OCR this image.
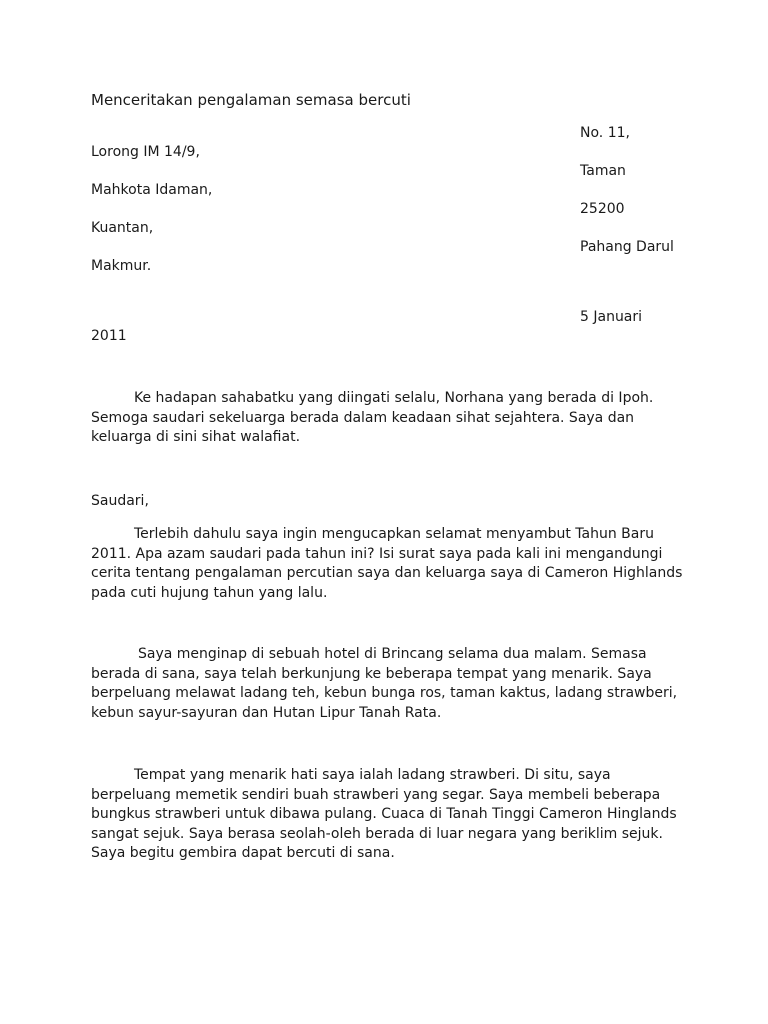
Menceritakan pengalaman semasa bercuti
No. 11,
Lorong IM 14/9,
Taman
Mahkota Idaman,
25200
Kuantan,
Pahang Darul
Makmur.
5 Januari
2011
Ke hadapan sahabatku yang diingati selalu, Norhana yang berada di Ipoh.
Semoga saudari sekeluarga berada dalam keadaan sihat sejahtera. Saya dan
keluarga di sini sihat walafiat.
Saudari,
Terlebih dahulu saya ingin mengucapkan selamat menyambut Tahun Baru
2011. Apa azam saudari pada tahun ini? Isi surat saya pada kali ini mengandungi
cerita tentang pengalaman percutian saya dan keluarga saya di Cameron Highlands
pada cuti hujung tahun yang lalu.
Saya menginap di sebuah hotel di Brincang selama dua malam. Semasa
berada di sana, saya telah berkunjung ke beberapa tempat yang menarik. Saya
berpeluang melawat ladang teh, kebun bunga ros, taman kaktus, ladang strawberi,
kebun sayur-sayuran dan Hutan Lipur Tanah Rata.
Tempat yang menarik hati saya ialah ladang strawberi. Di situ, saya
berpeluang memetik sendiri buah strawberi yang segar. Saya membeli beberapa
bungkus strawberi untuk dibawa pulang. Cuaca di Tanah Tinggi Cameron Hinglands
sangat sejuk. Saya berasa seolah-oleh berada di luar negara yang beriklim sejuk.
Saya begitu gembira dapat bercuti di sana.
